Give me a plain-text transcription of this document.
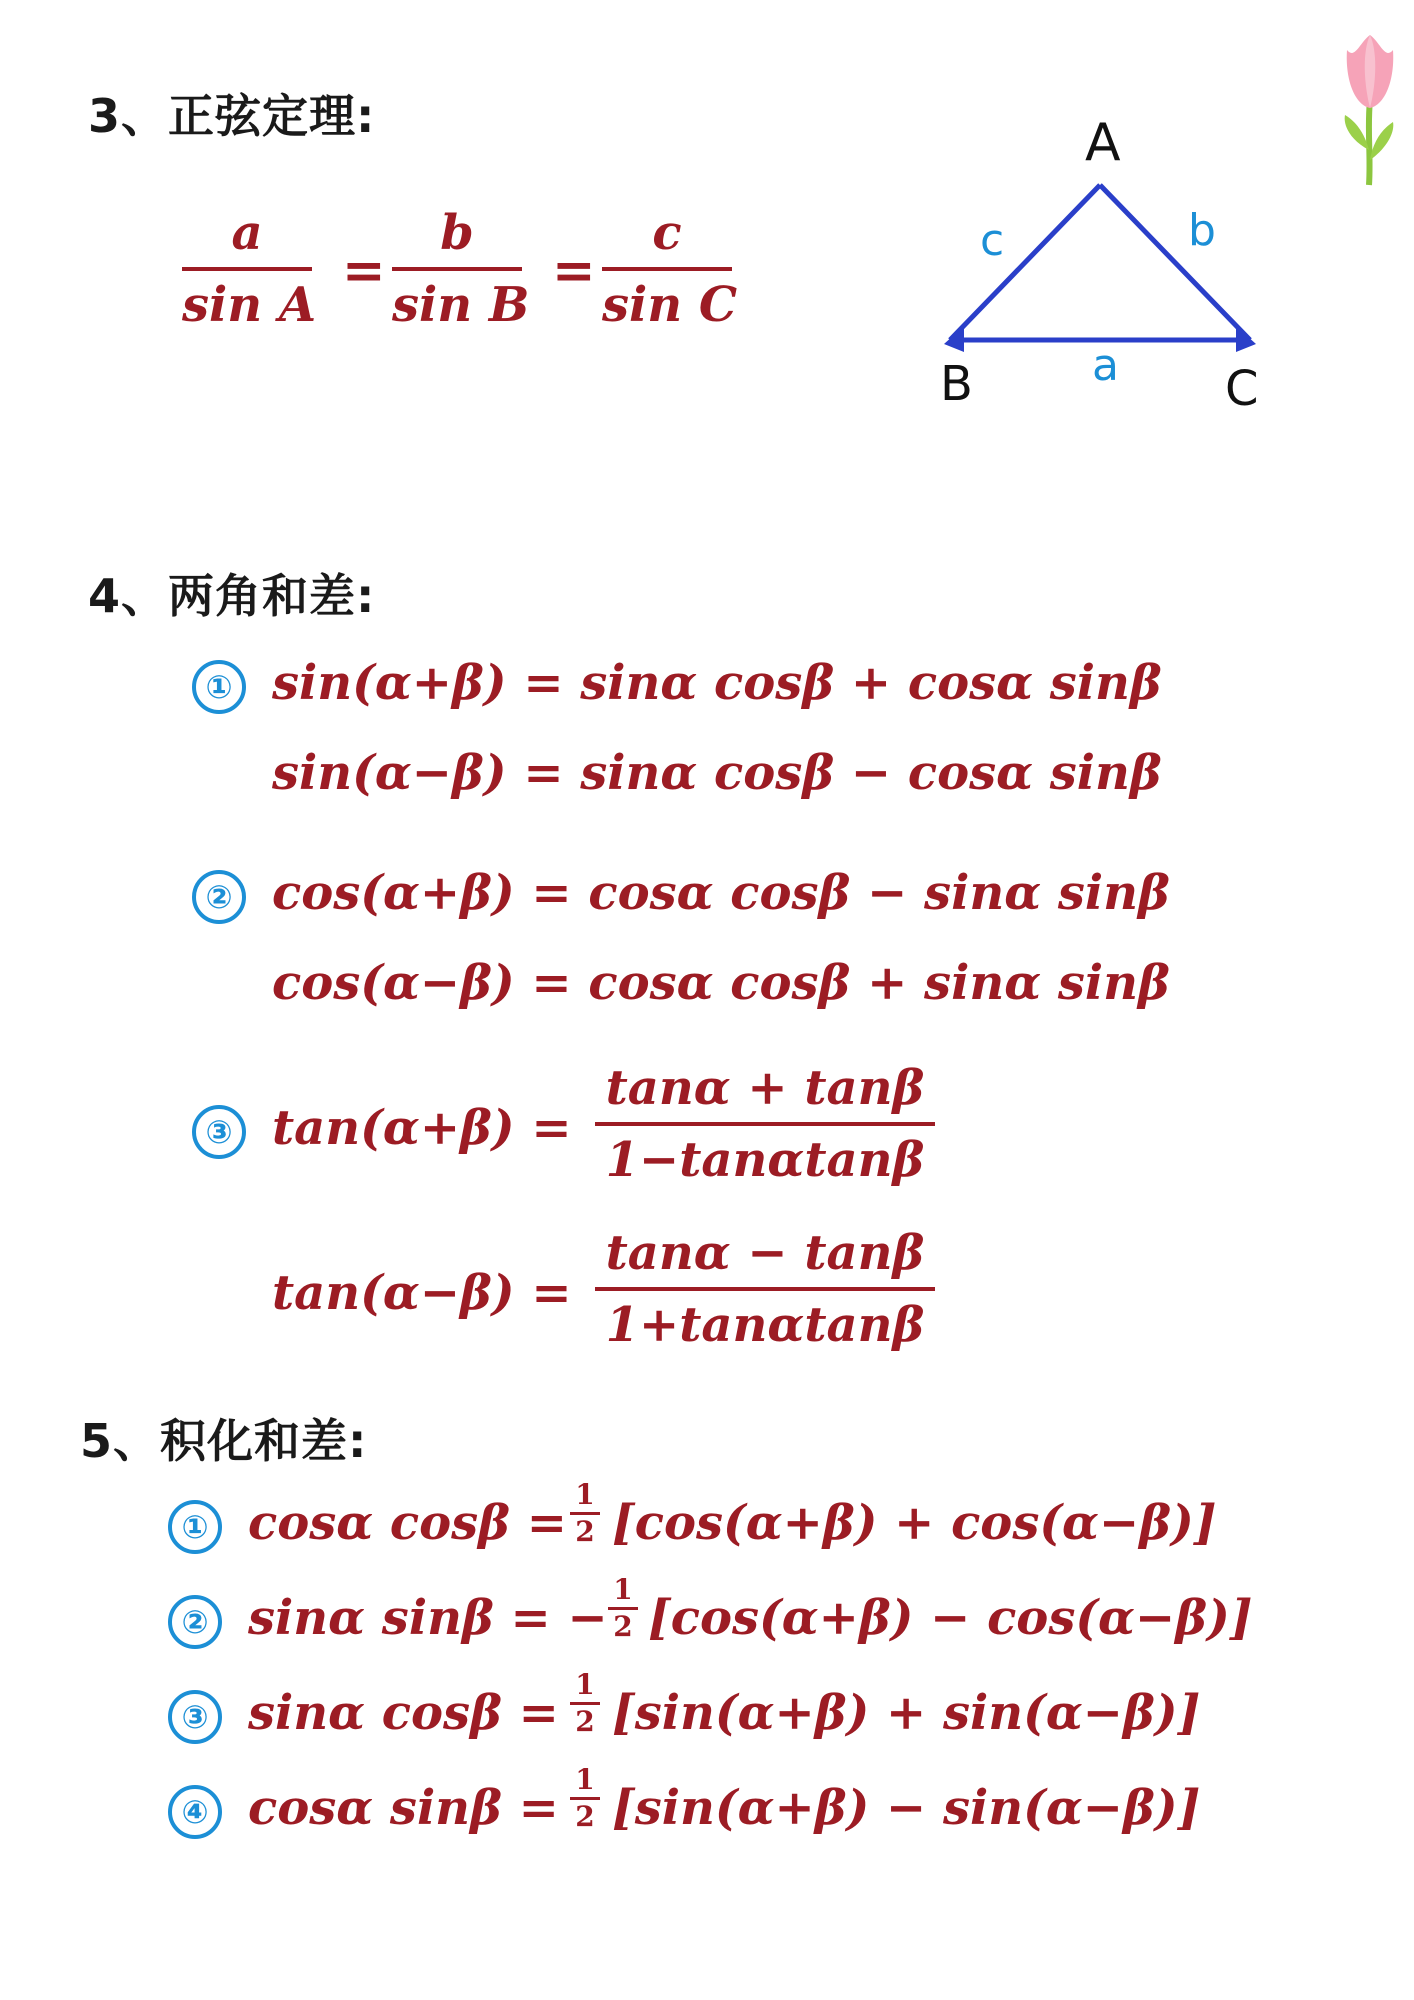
3、正弦定理:
a
sin A
=
b
sin B
=
c
sin C
A
B	C
c	b
a
4、两角和差:
① sin(α+β) = sinα cosβ + cosα sinβ
sin(α−β) = sinα cosβ − cosα sinβ
② cos(α+β) = cosα cosβ − sinα sinβ
cos(α−β) = cosα cosβ + sinα sinβ
③ tan(α+β) =
tanα + tanβ
1−tanαtanβ
tan(α−β) =
tanα − tanβ
1+tanαtanβ
5、积化和差:
① cosα cosβ =
1
2 [cos(α+β) + cos(α−β)]
② sinα sinβ = −
1
2 [cos(α+β) − cos(α−β)]
③ sinα cosβ =
1
2 [sin(α+β) + sin(α−β)]
④ cosα sinβ =
1
2 [sin(α+β) − sin(α−β)]
